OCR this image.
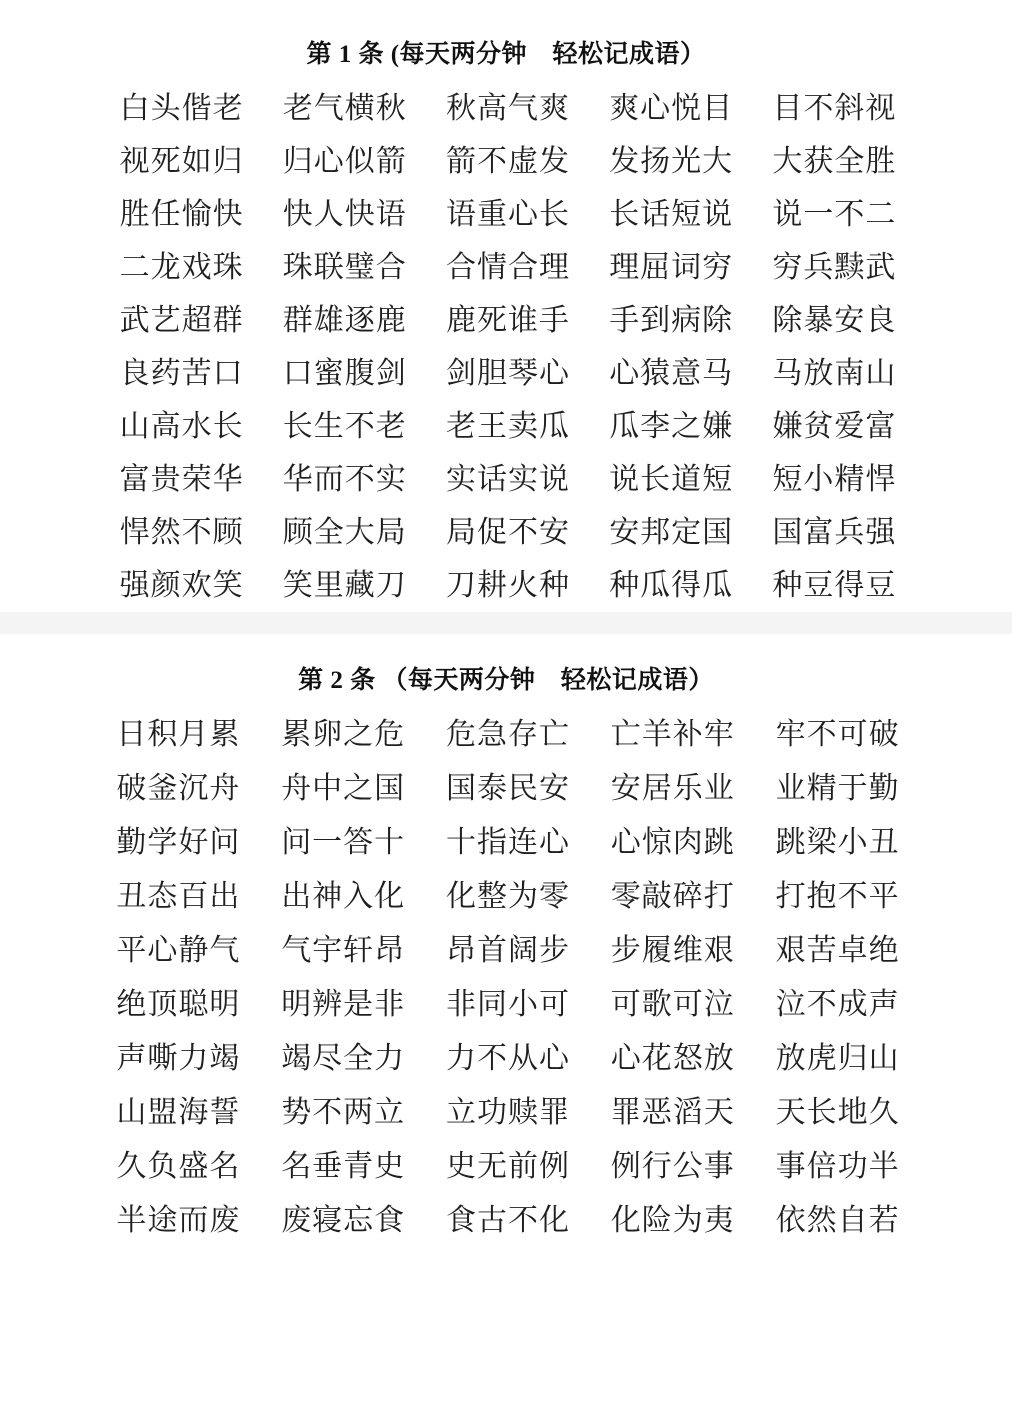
第 1 条 (每天两分钟　轻松记成语）
白头偕老	老气横秋	秋高气爽	爽心悦目	目不斜视
视死如归	归心似箭	箭不虚发	发扬光大	大获全胜
胜任愉快	快人快语	语重心长	长话短说	说一不二
二龙戏珠	珠联璧合	合情合理	理屈词穷	穷兵黩武
武艺超群	群雄逐鹿	鹿死谁手	手到病除	除暴安良
良药苦口	口蜜腹剑	剑胆琴心	心猿意马	马放南山
山高水长	长生不老	老王卖瓜	瓜李之嫌	嫌贫爱富
富贵荣华	华而不实	实话实说	说长道短	短小精悍
悍然不顾	顾全大局	局促不安	安邦定国	国富兵强
强颜欢笑	笑里藏刀	刀耕火种	种瓜得瓜	种豆得豆
第 2 条 （每天两分钟　轻松记成语）
日积月累	累卵之危	危急存亡	亡羊补牢	牢不可破
破釜沉舟	舟中之国	国泰民安	安居乐业	业精于勤
勤学好问	问一答十	十指连心	心惊肉跳	跳梁小丑
丑态百出	出神入化	化整为零	零敲碎打	打抱不平
平心静气	气宇轩昂	昂首阔步	步履维艰	艰苦卓绝
绝顶聪明	明辨是非	非同小可	可歌可泣	泣不成声
声嘶力竭	竭尽全力	力不从心	心花怒放	放虎归山
山盟海誓	势不两立	立功赎罪	罪恶滔天	天长地久
久负盛名	名垂青史	史无前例	例行公事	事倍功半
半途而废	废寝忘食	食古不化	化险为夷	依然自若
